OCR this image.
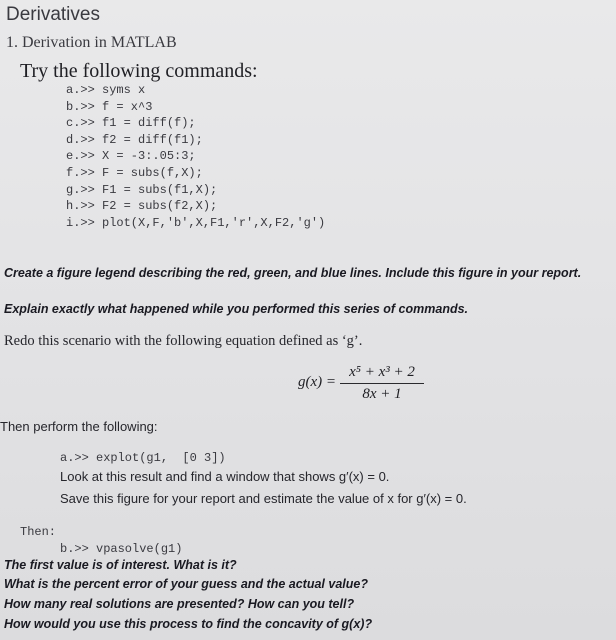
Derivatives
1. Derivation in MATLAB
Try the following commands:
a.>> syms x
b.>> f = x^3
c.>> f1 = diff(f);
d.>> f2 = diff(f1);
e.>> X = -3:.05:3;
f.>> F = subs(f,X);
g.>> F1 = subs(f1,X);
h.>> F2 = subs(f2,X);
i.>> plot(X,F,'b',X,F1,'r',X,F2,'g')
Create a figure legend describing the red, green, and blue lines. Include this figure in your report.
Explain exactly what happened while you performed this series of commands.
Redo this scenario with the following equation defined as ‘g’.
g(x) =
x⁵ + x³ + 2
8x + 1
Then perform the following:
a.>> explot(g1,  [0 3])
Look at this result and find a window that shows g′(x) = 0.
Save this figure for your report and estimate the value of x for g′(x) = 0.
Then:
b.>> vpasolve(g1)
The first value is of interest. What is it?
What is the percent error of your guess and the actual value?
How many real solutions are presented? How can you tell?
How would you use this process to find the concavity of g(x)?
